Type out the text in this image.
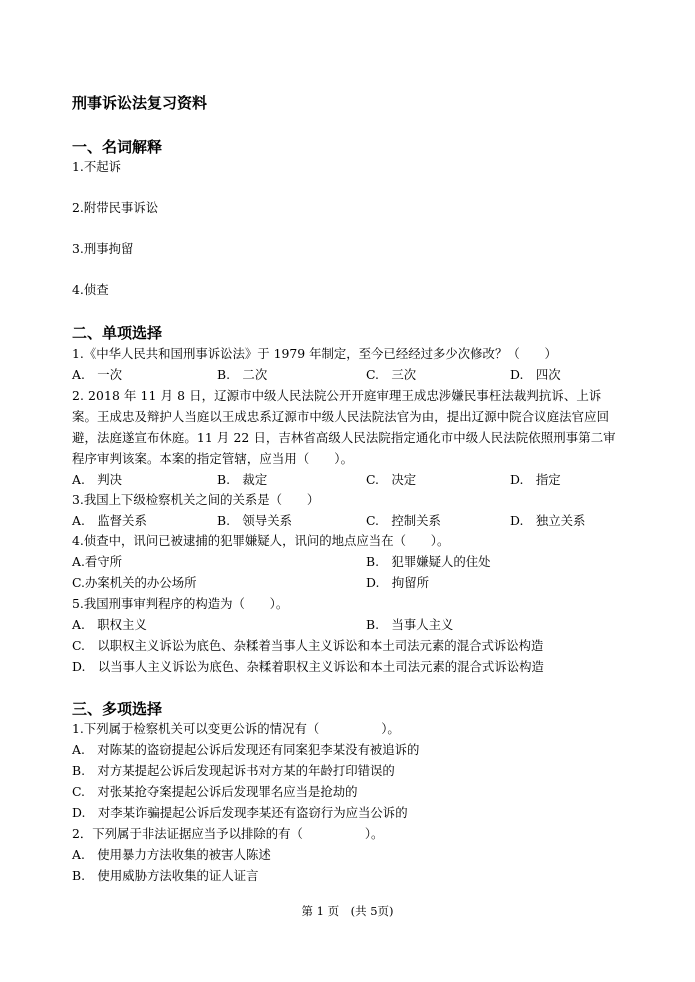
刑事诉讼法复习资料
一、名词解释
1.不起诉
2.附带民事诉讼
3.刑事拘留
4.侦查
二、单项选择
1.《中华人民共和国刑事诉讼法》于 1979 年制定，至今已经经过多少次修改？（　　）
A.　一次	B.　二次	C.　三次	D.　四次
2. 2018 年 11 月 8 日，辽源市中级人民法院公开开庭审理王成忠涉嫌民事枉法裁判抗诉、上诉案。王成忠及辩护人当庭以王成忠系辽源市中级人民法院法官为由，提出辽源中院合议庭法官应回避，法庭遂宣布休庭。11 月 22 日，吉林省高级人民法院指定通化市中级人民法院依照刑事第二审程序审判该案。本案的指定管辖，应当用（　　）。
A.　判决	B.　裁定	C.　决定	D.　指定
3.我国上下级检察机关之间的关系是（　　）
A.　监督关系	B.　领导关系	C.　控制关系	D.　独立关系
4.侦查中，讯问已被逮捕的犯罪嫌疑人，讯问的地点应当在（　　）。
A.看守所	B.　犯罪嫌疑人的住处
C.办案机关的办公场所	D.　拘留所
5.我国刑事审判程序的构造为（　　）。
A.　职权主义	B.　当事人主义
C.　以职权主义诉讼为底色、杂糅着当事人主义诉讼和本土司法元素的混合式诉讼构造
D.　以当事人主义诉讼为底色、杂糅着职权主义诉讼和本土司法元素的混合式诉讼构造
三、多项选择
1.下列属于检察机关可以变更公诉的情况有（　　　　　）。
A.　对陈某的盗窃提起公诉后发现还有同案犯李某没有被追诉的
B.　对方某提起公诉后发现起诉书对方某的年龄打印错误的
C.　对张某抢夺案提起公诉后发现罪名应当是抢劫的
D.　对李某诈骗提起公诉后发现李某还有盗窃行为应当公诉的
2．下列属于非法证据应当予以排除的有（　　　　　）。
A.　使用暴力方法收集的被害人陈述
B.　使用威胁方法收集的证人证言
第 1 页　(共 5页)
